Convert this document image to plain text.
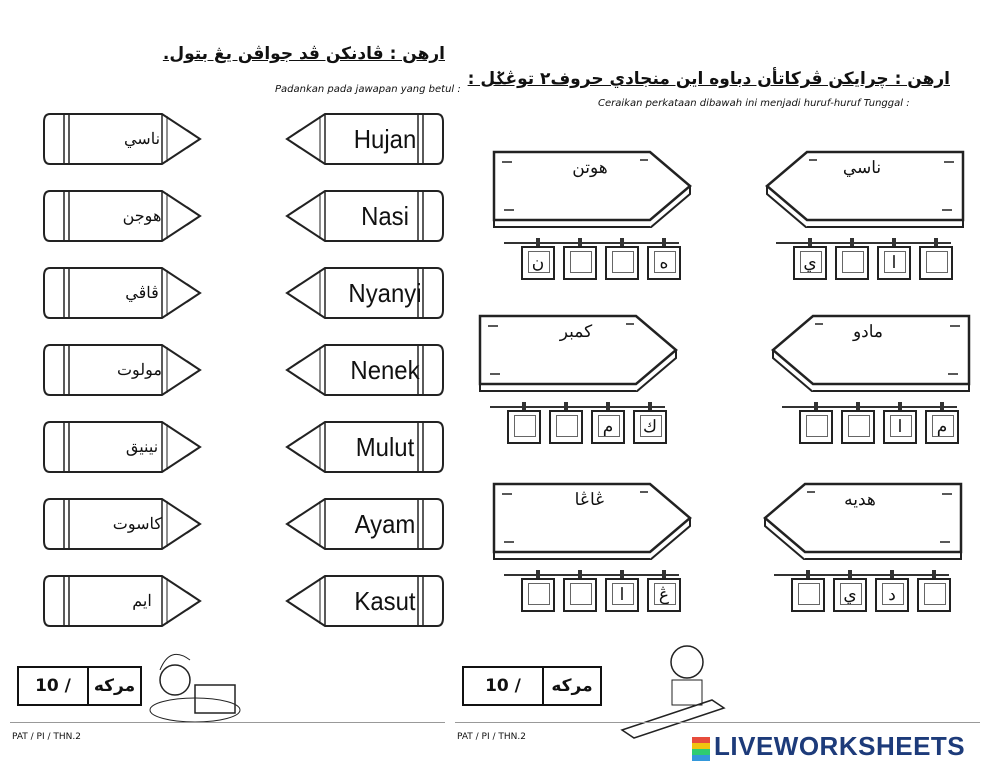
ارهن : ڤادنكن ڤد جواڤن يڠ بتول.
Padankan pada jawapan yang betul :
ناسي
هوجن
ڤاڤي
مولوت
نينيق
كاسوت
ايم
Hujan
Nasi
Nyanyi
Nenek
Mulut
Ayam
Kasut
10 /	مركه
PAT / PI / THN.2
ارهن : چرايكن ڤركاتأن دباوه اين منجادي حروف٢ توڠݢل :
Ceraikan perkataan dibawah ini menjadi huruf-huruf Tunggal :
هوتن
ن	ه
ناسي
ي	ا
كمبر
م	ك
مادو
ا	م
ڠاڠا
ا	ڠ
هديه
ي	د
10 /	مركه
PAT / PI / THN.2	LIVEWORKSHEETS
